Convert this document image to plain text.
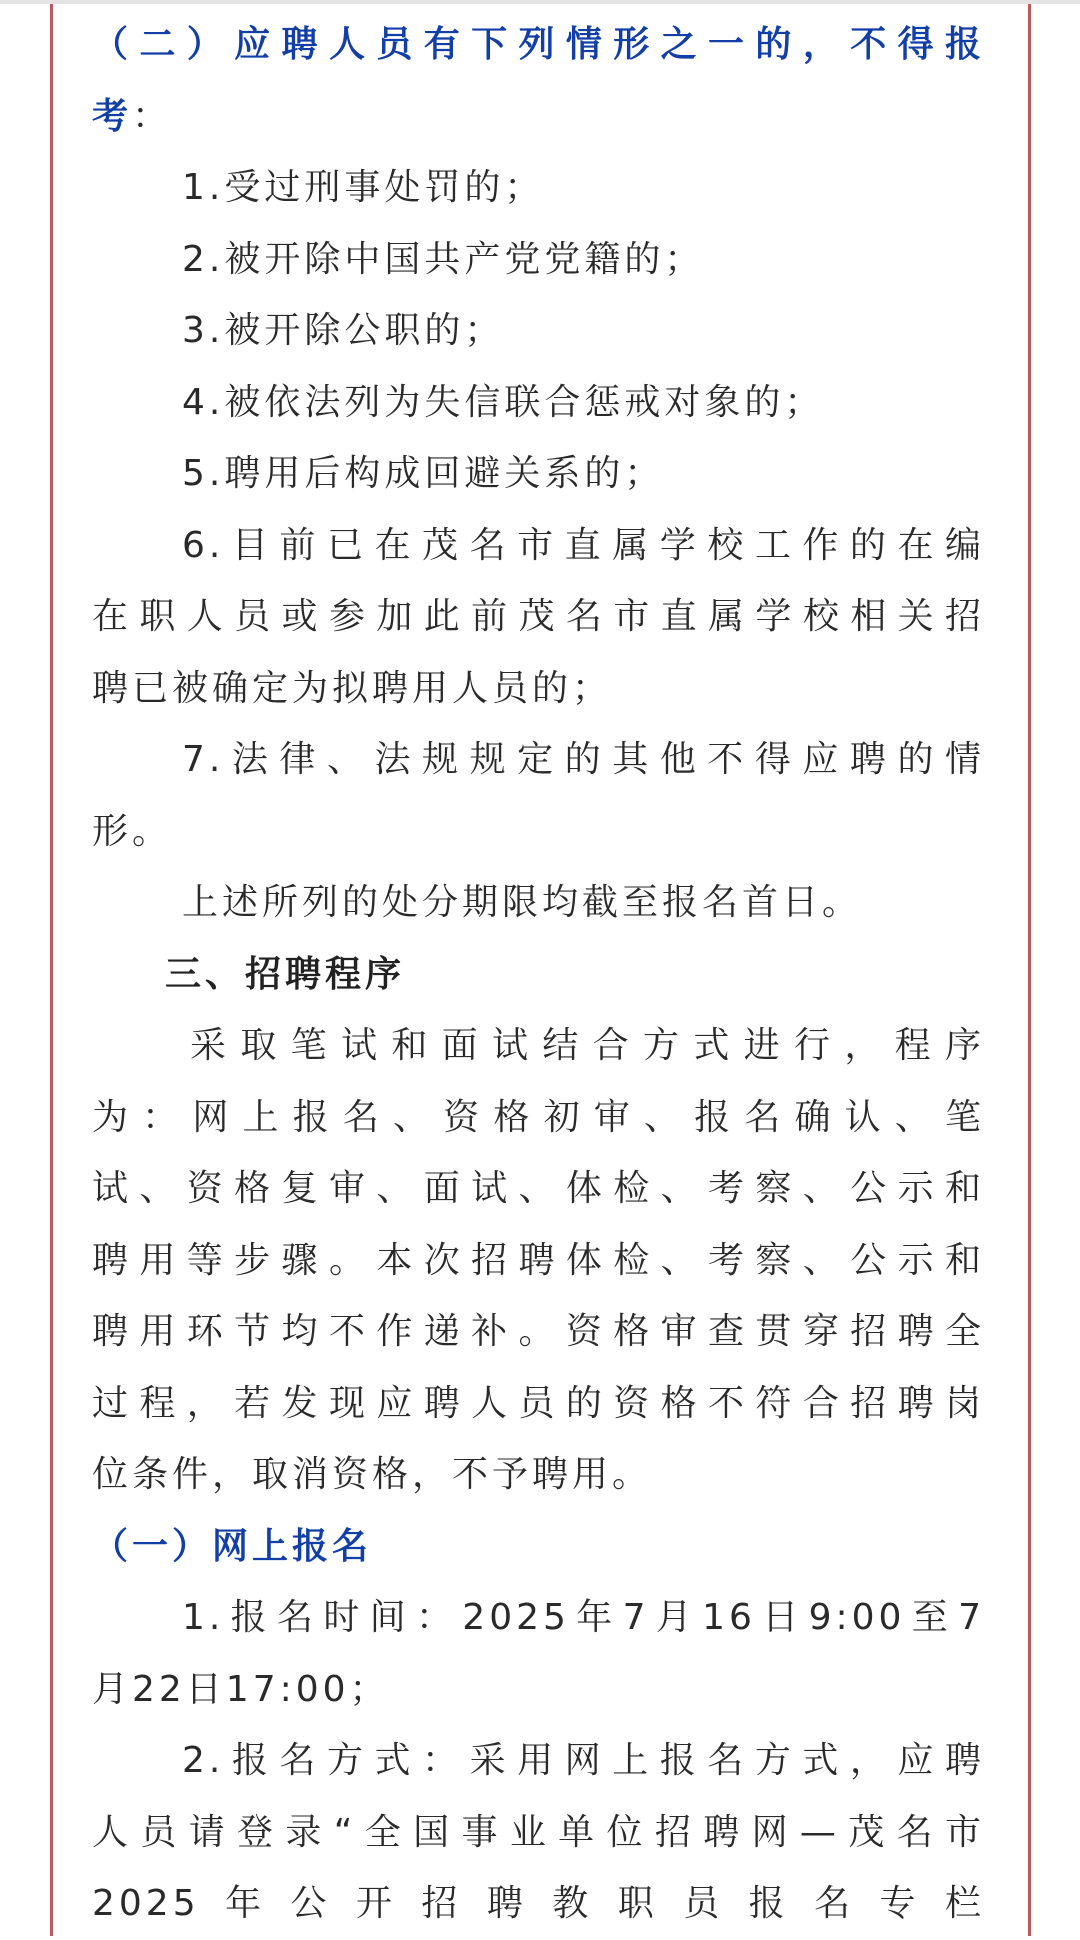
（二）应聘人员有下列情形之一的，不得报
考：
1.受过刑事处罚的；
2.被开除中国共产党党籍的；
3.被开除公职的；
4.被依法列为失信联合惩戒对象的；
5.聘用后构成回避关系的；
6.目前已在茂名市直属学校工作的在编
在职人员或参加此前茂名市直属学校相关招
聘已被确定为拟聘用人员的；
7.法律、法规规定的其他不得应聘的情
形。
上述所列的处分期限均截至报名首日。
三、招聘程序
采取笔试和面试结合方式进行，程序
为：网上报名、资格初审、报名确认、笔
试、资格复审、面试、体检、考察、公示和
聘用等步骤。本次招聘体检、考察、公示和
聘用环节均不作递补。资格审查贯穿招聘全
过程，若发现应聘人员的资格不符合招聘岗
位条件，取消资格，不予聘用。
（一）网上报名
1.报名时间：2025年7月16日9:00至7
月22日17:00；
2.报名方式：采用网上报名方式，应聘
人员请登录“全国事业单位招聘网—茂名市
2025年公开招聘教职员报名专栏
